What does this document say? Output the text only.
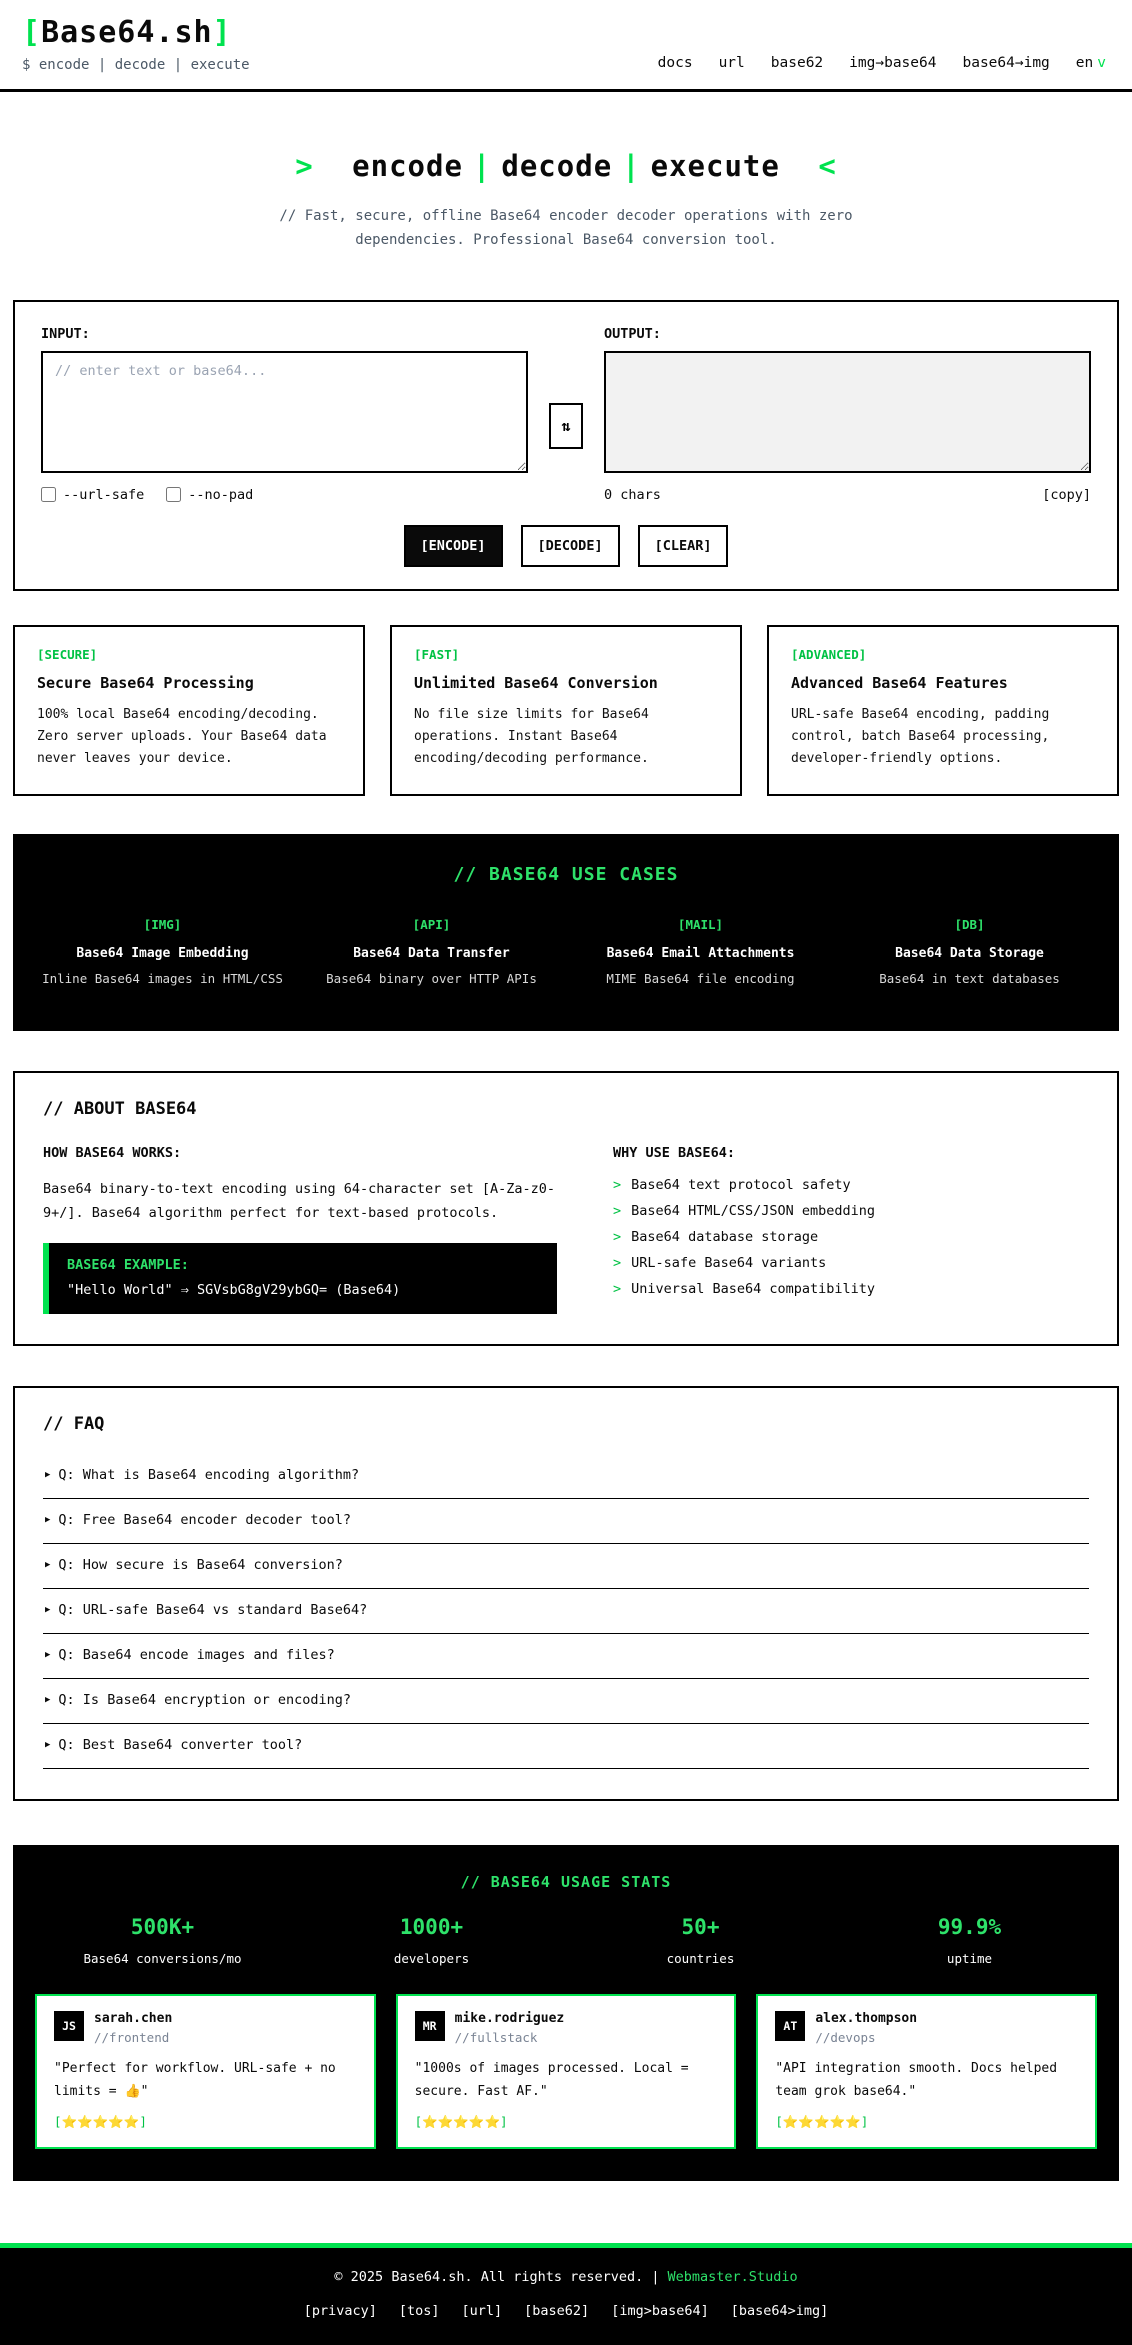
[Base64.sh]
$ encode | decode | execute	docs url base62 img→base64 base64→img en v
> encode | decode | execute <

// Fast, secure, offline Base64 encoder decoder operations with zero dependencies. Professional Base64 conversion tool.

INPUT:
// enter text or base64...
--url-safe	--no-pad
⇅
OUTPUT:
0 chars	[copy]
[ENCODE]	[DECODE]	[CLEAR]
[SECURE]
Secure Base64 Processing
100% local Base64 encoding/decoding. Zero server uploads. Your Base64 data never leaves your device.
[FAST]
Unlimited Base64 Conversion
No file size limits for Base64 operations. Instant Base64 encoding/decoding performance.
[ADVANCED]
Advanced Base64 Features
URL-safe Base64 encoding, padding control, batch Base64 processing, developer-friendly options.
// BASE64 USE CASES
[IMG]
Base64 Image Embedding
Inline Base64 images in HTML/CSS
[API]
Base64 Data Transfer
Base64 binary over HTTP APIs
[MAIL]
Base64 Email Attachments
MIME Base64 file encoding
[DB]
Base64 Data Storage
Base64 in text databases
// ABOUT BASE64
HOW BASE64 WORKS:

Base64 binary-to-text encoding using 64-character set [A-Za-z0-9+/]. Base64 algorithm perfect for text-based protocols.

BASE64 EXAMPLE:
"Hello World" ⇒ SGVsbG8gV29ybGQ= (Base64)
WHY USE BASE64:
> Base64 text protocol safety
> Base64 HTML/CSS/JSON embedding
> Base64 database storage
> URL-safe Base64 variants
> Universal Base64 compatibility
// FAQ
▶ Q: What is Base64 encoding algorithm?
▶ Q: Free Base64 encoder decoder tool?
▶ Q: How secure is Base64 conversion?
▶ Q: URL-safe Base64 vs standard Base64?
▶ Q: Base64 encode images and files?
▶ Q: Is Base64 encryption or encoding?
▶ Q: Best Base64 converter tool?
// BASE64 USAGE STATS
500K+
Base64 conversions/mo
1000+
developers
50+
countries
99.9%
uptime
JS	sarah.chen
//frontend
"Perfect for workflow. URL-safe + no limits = 👍"
[⭐⭐⭐⭐⭐]
MR	mike.rodriguez
//fullstack
"1000s of images processed. Local = secure. Fast AF."
[⭐⭐⭐⭐⭐]
AT	alex.thompson
//devops
"API integration smooth. Docs helped team grok base64."
[⭐⭐⭐⭐⭐]
© 2025 Base64.sh. All rights reserved. | Webmaster.Studio
[privacy] [tos] [url] [base62] [img>base64] [base64>img]
